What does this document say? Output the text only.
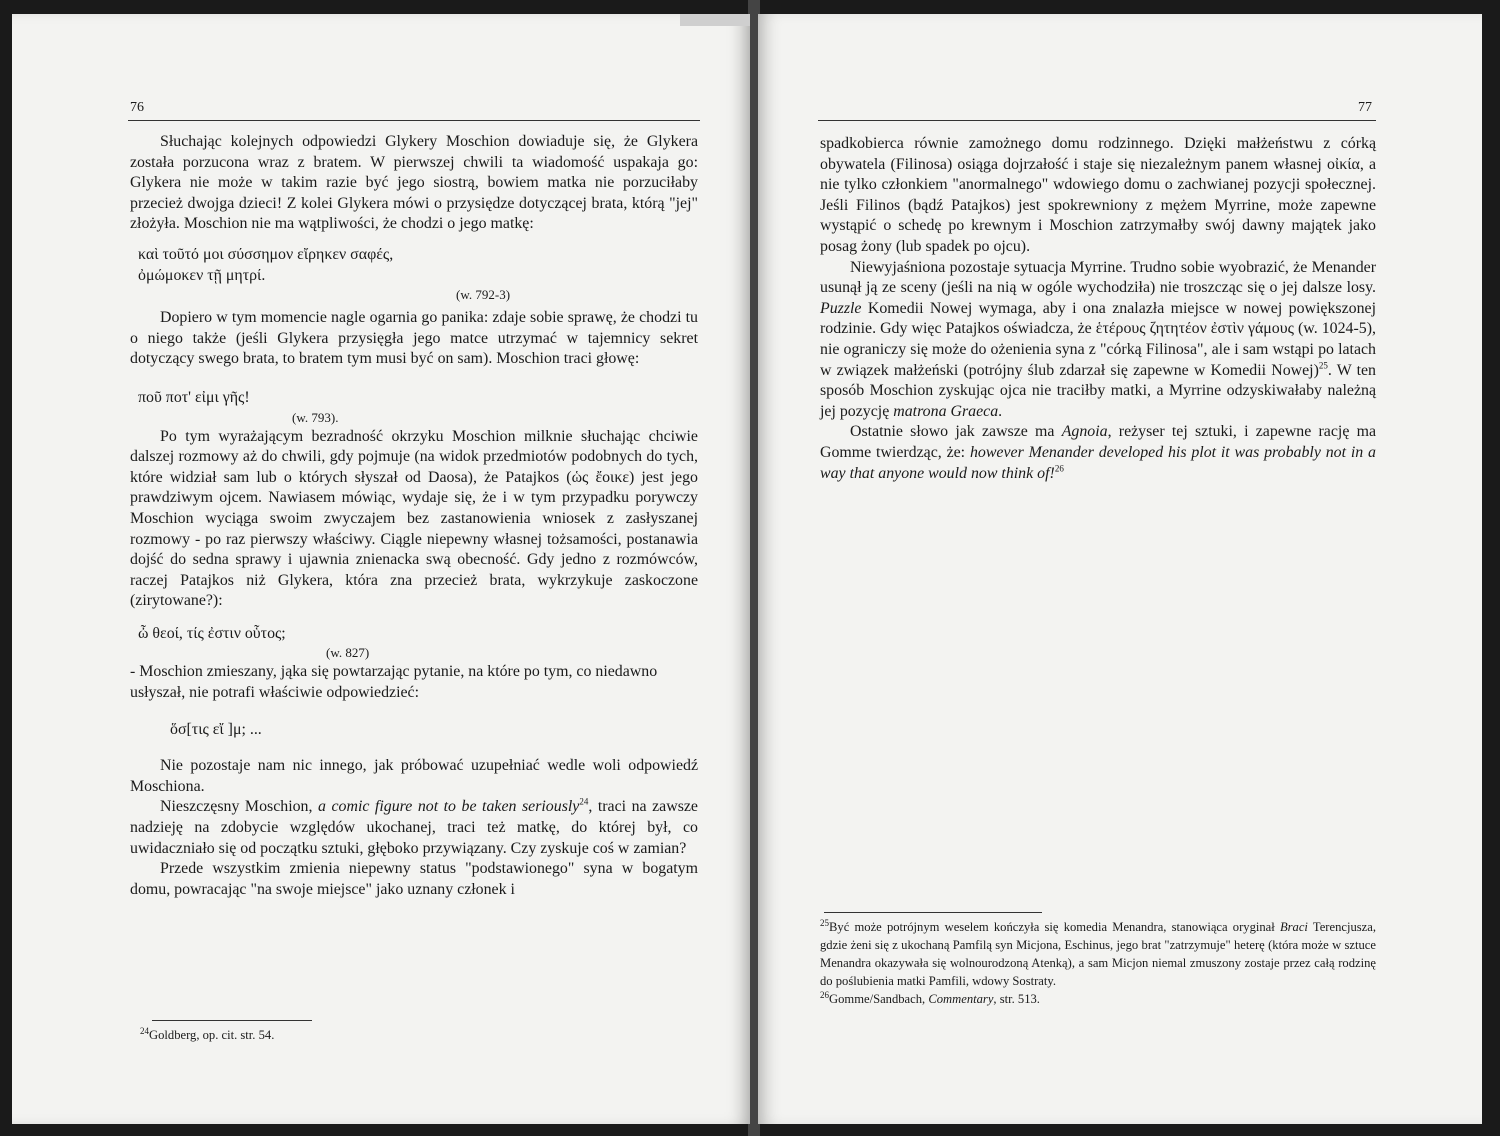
76

Słuchając kolejnych odpowiedzi Glykery Moschion dowiaduje się, że Glykera została porzucona wraz z bratem. W pierwszej chwili ta wiadomość uspakaja go: Glykera nie może w takim razie być jego siostrą, bowiem matka nie porzuciłaby przecież dwojga dzieci! Z kolei Glykera mówi o przysiędze dotyczącej brata, którą "jej" złożyła. Moschion nie ma wątpliwości, że chodzi o jego matkę:

καὶ τοῦτό μοι σύσσημον εἴρηκεν σαφές,

ὀμώμοκεν τῇ μητρί.

(w. 792-3)

Dopiero w tym momencie nagle ogarnia go panika: zdaje sobie sprawę, że chodzi tu o niego także (jeśli Glykera przysięgła jego matce utrzymać w tajemnicy sekret dotyczący swego brata, to bratem tym musi być on sam). Moschion traci głowę:

ποῦ ποτ' εἰμι γῆς!

(w. 793).

Po tym wyrażającym bezradność okrzyku Moschion milknie słuchając chciwie dalszej rozmowy aż do chwili, gdy pojmuje (na widok przedmiotów podobnych do tych, które widział sam lub o których słyszał od Daosa), że Patajkos (ὡς ἔοικε) jest jego prawdziwym ojcem. Nawiasem mówiąc, wydaje się, że i w tym przypadku porywczy Moschion wyciąga swoim zwyczajem bez zastanowienia wniosek z zasłyszanej rozmowy - po raz pierwszy właściwy. Ciągle niepewny własnej tożsamości, postanawia dojść do sedna sprawy i ujawnia znienacka swą obecność. Gdy jedno z rozmówców, raczej Patajkos niż Glykera, która zna przecież brata, wykrzykuje zaskoczone (zirytowane?):

ὦ θεοί, τίς ἐστιν οὗτος;

(w. 827)

- Moschion zmieszany, jąka się powtarzając pytanie, na które po tym, co niedawno usłyszał, nie potrafi właściwie odpowiedzieć:

ὅσ[τις εἴ ]μ; ...

Nie pozostaje nam nic innego, jak próbować uzupełniać wedle woli odpowiedź Moschiona.

Nieszczęsny Moschion, a comic figure not to be taken seriously$^{24}$, traci na zawsze nadzieję na zdobycie względów ukochanej, traci też matkę, do której był, co uwidaczniało się od początku sztuki, głęboko przywiązany. Czy zyskuje coś w zamian?

Przede wszystkim zmienia niepewny status "podstawionego" syna w bogatym domu, powracając "na swoje miejsce" jako uznany członek i

$^{24}$Goldberg, op. cit. str. 54.

77

spadkobierca równie zamożnego domu rodzinnego. Dzięki małżeństwu z córką obywatela (Filinosa) osiąga dojrzałość i staje się niezależnym panem własnej οἰκία, a nie tylko członkiem "anormalnego" wdowiego domu o zachwianej pozycji społecznej. Jeśli Filinos (bądź Patajkos) jest spokrewniony z mężem Myrrine, może zapewne wystąpić o schedę po krewnym i Moschion zatrzymałby swój dawny majątek jako posag żony (lub spadek po ojcu).

Niewyjaśniona pozostaje sytuacja Myrrine. Trudno sobie wyobrazić, że Menander usunął ją ze sceny (jeśli na nią w ogóle wychodziła) nie troszcząc się o jej dalsze losy. Puzzle Komedii Nowej wymaga, aby i ona znalazła miejsce w nowej powiększonej rodzinie. Gdy więc Patajkos oświadcza, że ἑτέρους ζητητέον ἐστὶν γάμους (w. 1024-5), nie ograniczy się może do ożenienia syna z "córką Filinosa", ale i sam wstąpi po latach w związek małżeński (potrójny ślub zdarzał się zapewne w Komedii Nowej)$^{25}$. W ten sposób Moschion zyskując ojca nie traciłby matki, a Myrrine odzyskiwałaby należną jej pozycję matrona Graeca.

Ostatnie słowo jak zawsze ma Agnoia, reżyser tej sztuki, i zapewne rację ma Gomme twierdząc, że: however Menander developed his plot it was probably not in a way that anyone would now think of!$^{26}$

$^{25}$Być może potrójnym weselem kończyła się komedia Menandra, stanowiąca oryginał Braci Terencjusza, gdzie żeni się z ukochaną Pamfilą syn Micjona, Eschinus, jego brat "zatrzymuje" heterę (która może w sztuce Menandra okazywała się wolnourodzoną Atenką), a sam Micjon niemal zmuszony zostaje przez całą rodzinę do poślubienia matki Pamfili, wdowy Sostraty.

$^{26}$Gomme/Sandbach, Commentary, str. 513.
